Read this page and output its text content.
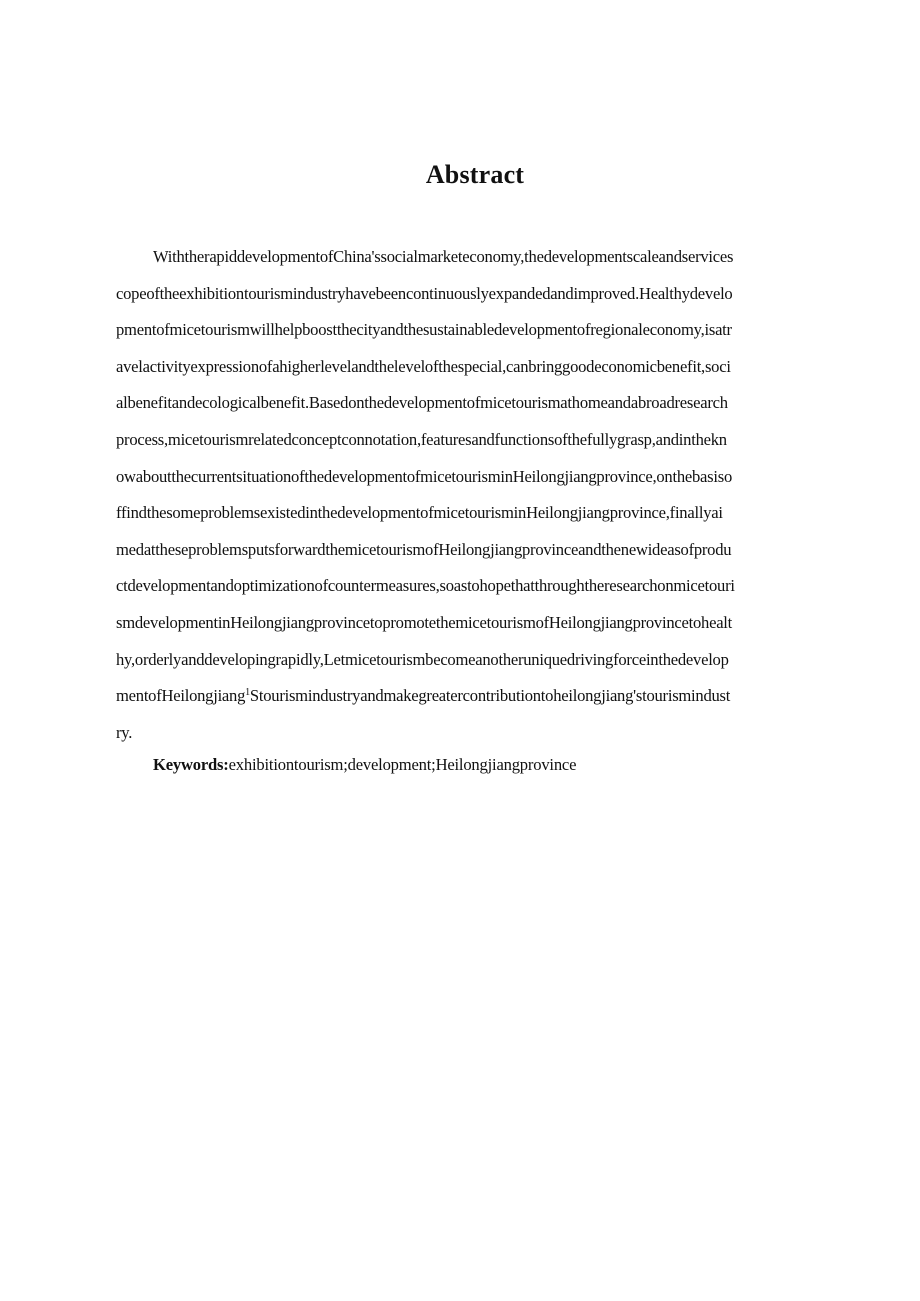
Abstract
WiththerapiddevelopmentofChina'ssocialmarketeconomy,thedevelopmentscaleandservices
copeoftheexhibitiontourismindustryhavebeencontinuouslyexpandedandimproved.Healthydevelo
pmentofmicetourismwillhelpboostthecityandthesustainabledevelopmentofregionaleconomy,isatr
avelactivityexpressionofahigherlevelandthelevelofthespecial,canbringgoodeconomicbenefit,soci
albenefitandecologicalbenefit.Basedonthedevelopmentofmicetourismathomeandabroadresearch
process,micetourismrelatedconceptconnotation,featuresandfunctionsofthefullygrasp,andinthekn
owaboutthecurrentsituationofthedevelopmentofmicetourisminHeilongjiangprovince,onthebasiso
ffindthesomeproblemsexistedinthedevelopmentofmicetourisminHeilongjiangprovince,finallyai
medattheseproblemsputsforwardthemicetourismofHeilongjiangprovinceandthenewideasofprodu
ctdevelopmentandoptimizationofcountermeasures,soastohopethatthroughtheresearchonmicetouri
smdevelopmentinHeilongjiangprovincetopromotethemicetourismofHeilongjiangprovincetohealt
hy,orderlyanddevelopingrapidly,Letmicetourismbecomeanotheruniquedrivingforceinthedevelop
mentofHeilongjiang$^1$Stourismindustryandmakegreatercontributiontoheilongjiang'stourismindust
ry.
Keywords:exhibitiontourism;development;Heilongjiangprovince
